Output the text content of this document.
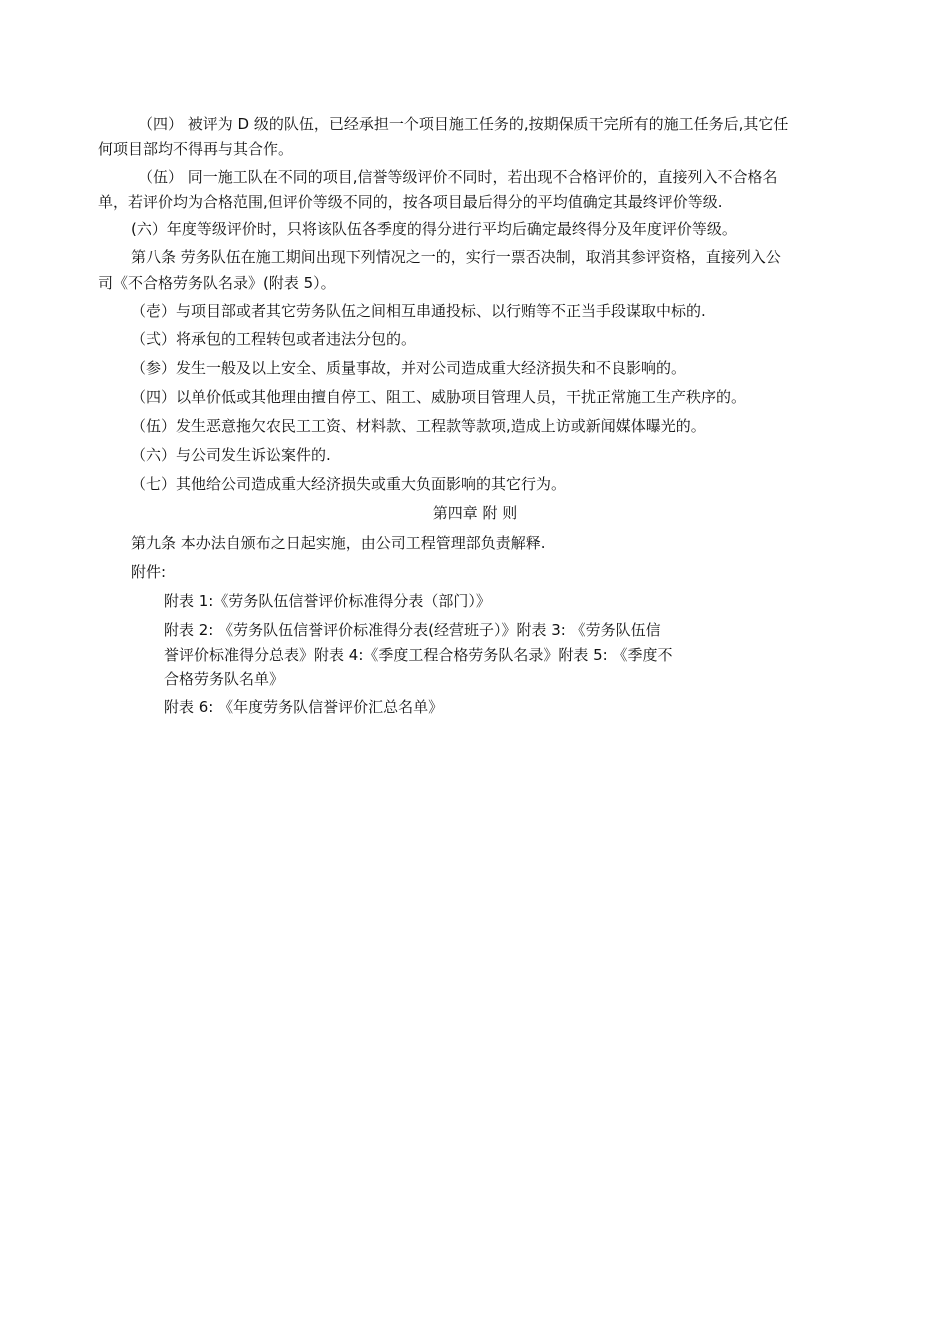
（四） 被评为 D 级的队伍，已经承担一个项目施工任务的,按期保质干完所有的施工任务后,其它任
何项目部均不得再与其合作。
（伍） 同一施工队在不同的项目,信誉等级评价不同时，若出现不合格评价的，直接列入不合格名
单，若评价均为合格范围,但评价等级不同的，按各项目最后得分的平均值确定其最终评价等级.
(六）年度等级评价时，只将该队伍各季度的得分进行平均后确定最终得分及年度评价等级。
第八条 劳务队伍在施工期间出现下列情况之一的，实行一票否决制，取消其参评资格，直接列入公
司《不合格劳务队名录》(附表 5）。
（壱）与项目部或者其它劳务队伍之间相互串通投标、以行贿等不正当手段谋取中标的.
（弍）将承包的工程转包或者违法分包的。
（参）发生一般及以上安全、质量事故，并对公司造成重大经济损失和不良影响的。
（四）以单价低或其他理由擅自停工、阻工、威胁项目管理人员，干扰正常施工生产秩序的。
（伍）发生恶意拖欠农民工工资、材料款、工程款等款项,造成上访或新闻媒体曝光的。
（六）与公司发生诉讼案件的.
（七）其他给公司造成重大经济损失或重大负面影响的其它行为。
第四章 附 则
第九条 本办法自颁布之日起实施，由公司工程管理部负责解释.
附件:
附表 1:《劳务队伍信誉评价标准得分表（部门）》
附表 2: 《劳务队伍信誉评价标准得分表(经营班子）》附表 3: 《劳务队伍信
誉评价标准得分总表》附表 4:《季度工程合格劳务队名录》附表 5: 《季度不
合格劳务队名单》
附表 6: 《年度劳务队信誉评价汇总名单》
